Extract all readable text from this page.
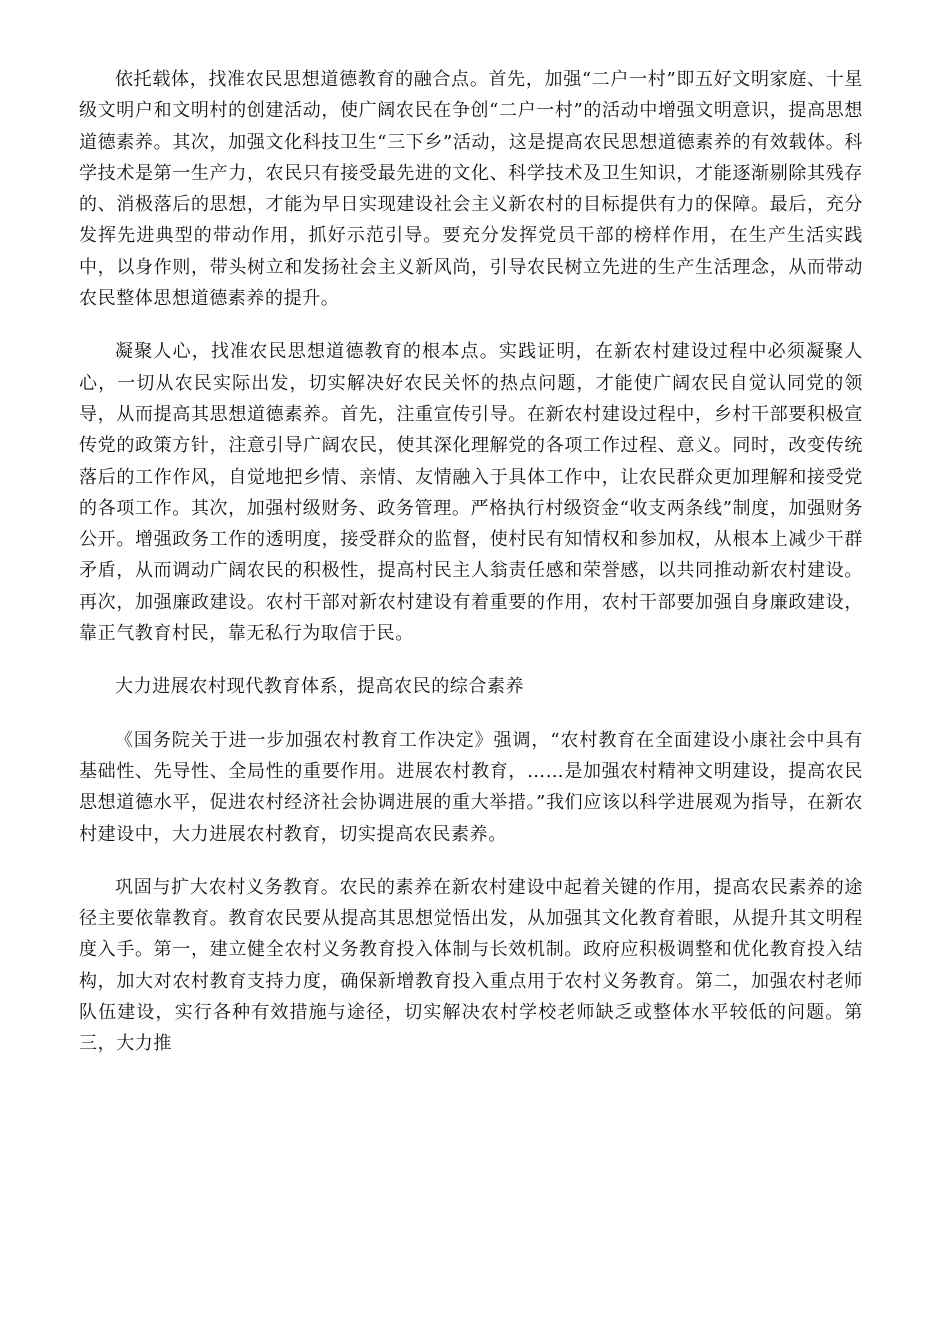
依托载体，找准农民思想道德教育的融合点。首先，加强“二户一村”即五好文明家庭、十星级文明户和文明村的创建活动，使广阔农民在争创“二户一村”的活动中增强文明意识，提高思想道德素养。其次，加强文化科技卫生“三下乡”活动，这是提高农民思想道德素养的有效载体。科学技术是第一生产力，农民只有接受最先进的文化、科学技术及卫生知识，才能逐渐剔除其残存的、消极落后的思想，才能为早日实现建设社会主义新农村的目标提供有力的保障。最后，充分发挥先进典型的带动作用，抓好示范引导。要充分发挥党员干部的榜样作用，在生产生活实践中，以身作则，带头树立和发扬社会主义新风尚，引导农民树立先进的生产生活理念，从而带动农民整体思想道德素养的提升。

凝聚人心，找准农民思想道德教育的根本点。实践证明，在新农村建设过程中必须凝聚人心，一切从农民实际出发，切实解决好农民关怀的热点问题，才能使广阔农民自觉认同党的领导，从而提高其思想道德素养。首先，注重宣传引导。在新农村建设过程中，乡村干部要积极宣传党的政策方针，注意引导广阔农民，使其深化理解党的各项工作过程、意义。同时，改变传统落后的工作作风，自觉地把乡情、亲情、友情融入于具体工作中，让农民群众更加理解和接受党的各项工作。其次，加强村级财务、政务管理。严格执行村级资金“收支两条线”制度，加强财务公开。增强政务工作的透明度，接受群众的监督，使村民有知情权和参加权，从根本上减少干群矛盾，从而调动广阔农民的积极性，提高村民主人翁责任感和荣誉感，以共同推动新农村建设。再次，加强廉政建设。农村干部对新农村建设有着重要的作用，农村干部要加强自身廉政建设，靠正气教育村民，靠无私行为取信于民。

大力进展农村现代教育体系，提高农民的综合素养

《国务院关于进一步加强农村教育工作决定》强调，“农村教育在全面建设小康社会中具有基础性、先导性、全局性的重要作用。进展农村教育，……是加强农村精神文明建设，提高农民思想道德水平，促进农村经济社会协调进展的重大举措。”我们应该以科学进展观为指导，在新农村建设中，大力进展农村教育，切实提高农民素养。

巩固与扩大农村义务教育。农民的素养在新农村建设中起着关键的作用，提高农民素养的途径主要依靠教育。教育农民要从提高其思想觉悟出发，从加强其文化教育着眼，从提升其文明程度入手。第一，建立健全农村义务教育投入体制与长效机制。政府应积极调整和优化教育投入结构，加大对农村教育支持力度，确保新增教育投入重点用于农村义务教育。第二，加强农村老师队伍建设，实行各种有效措施与途径，切实解决农村学校老师缺乏或整体水平较低的问题。第三，大力推
